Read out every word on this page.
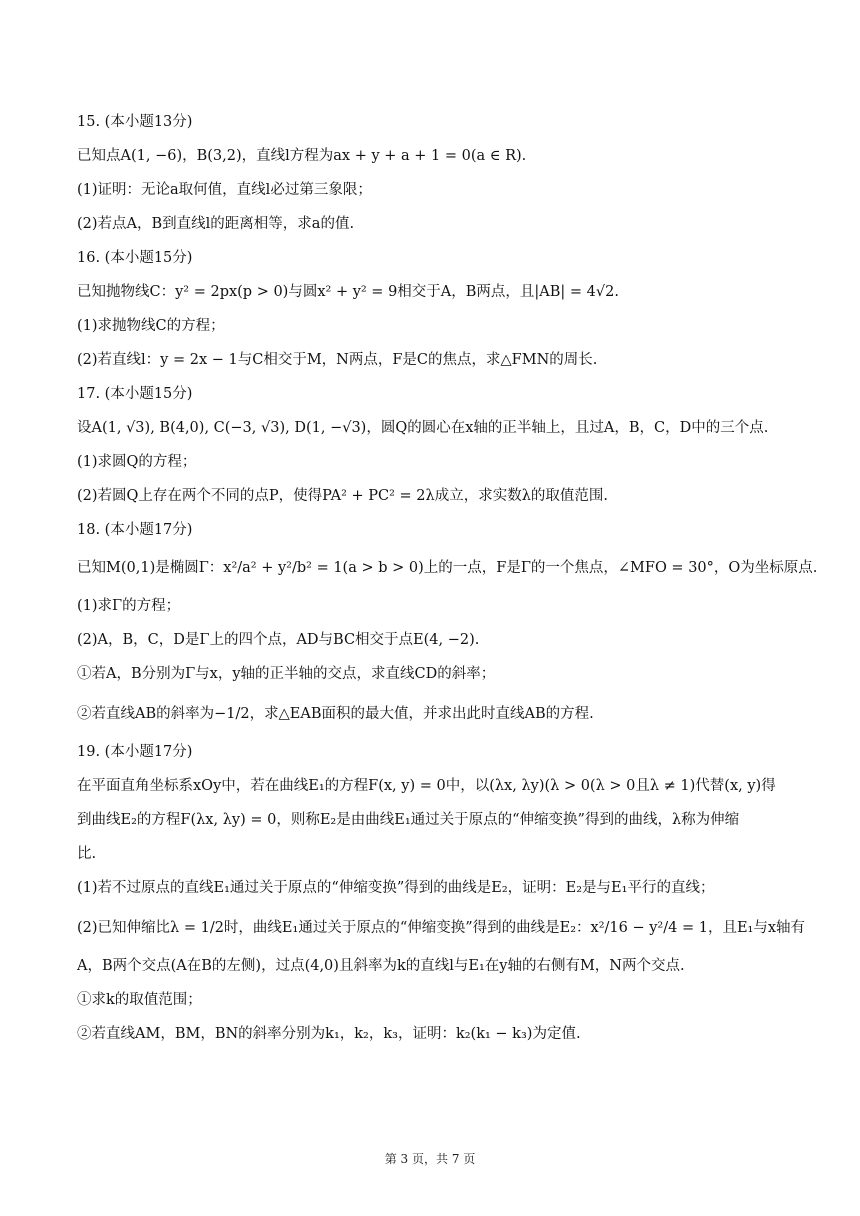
15. (本小题13分)
已知点A(1, −6)，B(3,2)，直线l方程为ax + y + a + 1 = 0(a ∈ R).
(1)证明：无论a取何值，直线l必过第三象限；
(2)若点A，B到直线l的距离相等，求a的值.
16. (本小题15分)
已知抛物线C：y² = 2px(p > 0)与圆x² + y² = 9相交于A，B两点，且|AB| = 4√2.
(1)求抛物线C的方程；
(2)若直线l：y = 2x − 1与C相交于M，N两点，F是C的焦点，求△FMN的周长.
17. (本小题15分)
设A(1, √3), B(4,0), C(−3, √3), D(1, −√3)，圆Q的圆心在x轴的正半轴上，且过A，B，C，D中的三个点.
(1)求圆Q的方程；
(2)若圆Q上存在两个不同的点P，使得PA² + PC² = 2λ成立，求实数λ的取值范围.
18. (本小题17分)
已知M(0,1)是椭圆Γ：x²/a² + y²/b² = 1(a > b > 0)上的一点，F是Γ的一个焦点，∠MFO = 30°，O为坐标原点.
(1)求Γ的方程；
(2)A，B，C，D是Γ上的四个点，AD与BC相交于点E(4, −2).
①若A，B分别为Γ与x，y轴的正半轴的交点，求直线CD的斜率；
②若直线AB的斜率为−1/2，求△EAB面积的最大值，并求出此时直线AB的方程.
19. (本小题17分)
在平面直角坐标系xOy中，若在曲线E₁的方程F(x, y) = 0中，以(λx, λy)(λ > 0(λ > 0且λ ≠ 1)代替(x, y)得
到曲线E₂的方程F(λx, λy) = 0，则称E₂是由曲线E₁通过关于原点的“伸缩变换”得到的曲线，λ称为伸缩
比.
(1)若不过原点的直线E₁通过关于原点的“伸缩变换”得到的曲线是E₂，证明：E₂是与E₁平行的直线；
(2)已知伸缩比λ = 1/2时，曲线E₁通过关于原点的“伸缩变换”得到的曲线是E₂：x²/16 − y²/4 = 1，且E₁与x轴有
A，B两个交点(A在B的左侧)，过点(4,0)且斜率为k的直线l与E₁在y轴的右侧有M，N两个交点.
①求k的取值范围；
②若直线AM，BM，BN的斜率分别为k₁，k₂，k₃，证明：k₂(k₁ − k₃)为定值.
第 3 页，共 7 页
